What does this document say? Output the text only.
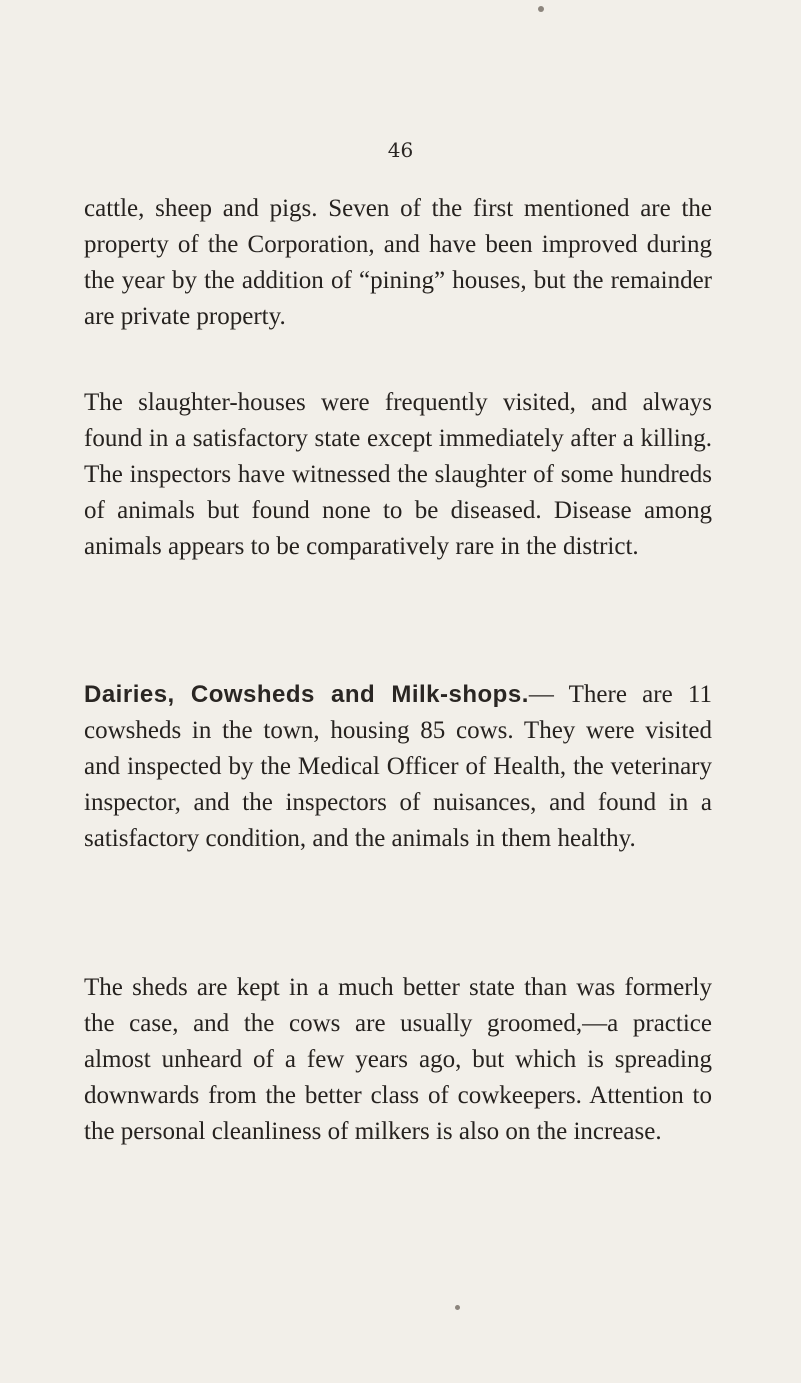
46

cattle, sheep and pigs. Seven of the first mentioned are the property of the Corporation, and have been improved during the year by the addition of “pining” houses, but the remainder are private property.

The slaughter-houses were frequently visited, and always found in a satisfactory state except immediately after a killing. The inspectors have witnessed the slaughter of some hundreds of animals but found none to be diseased. Disease among animals appears to be comparatively rare in the district.

Dairies, Cowsheds and Milk-shops.— There are 11 cowsheds in the town, housing 85 cows. They were visited and inspected by the Medical Officer of Health, the veterinary inspector, and the inspectors of nuisances, and found in a satisfactory condition, and the animals in them healthy.

The sheds are kept in a much better state than was formerly the case, and the cows are usually groomed,—a practice almost unheard of a few years ago, but which is spreading downwards from the better class of cowkeepers. Attention to the personal cleanliness of milkers is also on the increase.
